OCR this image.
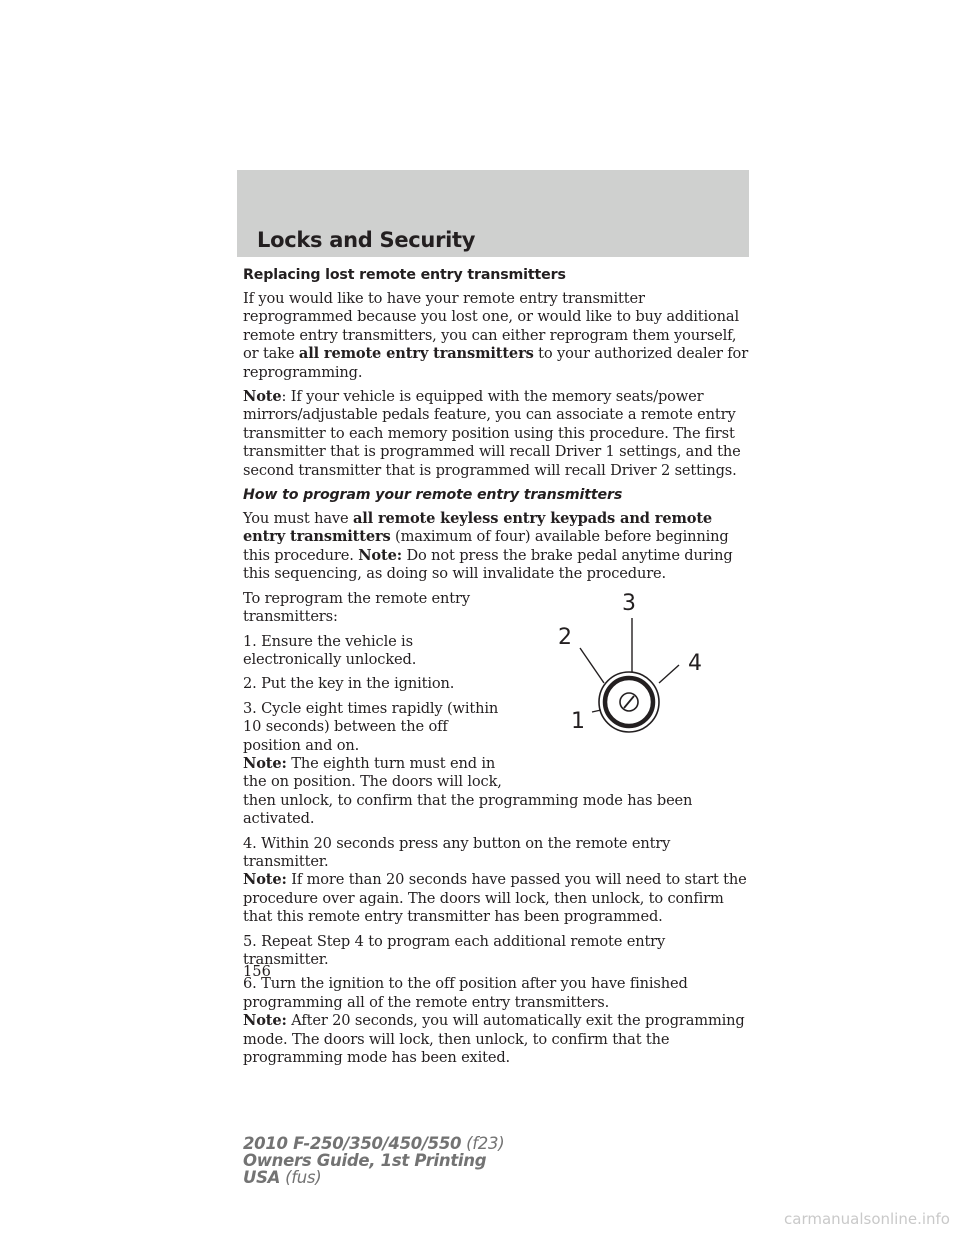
Locks and Security
Replacing lost remote entry transmitters

If you would like to have your remote entry transmitter reprogrammed because you lost one, or would like to buy additional remote entry transmitters, you can either reprogram them yourself, or take all remote entry transmitters to your authorized dealer for reprogramming.

Note: If your vehicle is equipped with the memory seats/power mirrors/adjustable pedals feature, you can associate a remote entry transmitter to each memory position using this procedure. The first transmitter that is programmed will recall Driver 1 settings, and the second transmitter that is programmed will recall Driver 2 settings.

How to program your remote entry transmitters

You must have all remote keyless entry keypads and remote entry transmitters (maximum of four) available before beginning this procedure. Note: Do not press the brake pedal anytime during this sequencing, as doing so will invalidate the procedure.

To reprogram the remote entry transmitters:

1. Ensure the vehicle is electronically unlocked.

2. Put the key in the ignition.

3. Cycle eight times rapidly (within
10 seconds) between the off
position and on.
Note: The eighth turn must end in
the on position. The doors will lock,
then unlock, to confirm that the programming mode has been activated.

4. Within 20 seconds press any button on the remote entry transmitter.
Note: If more than 20 seconds have passed you will need to start the procedure over again. The doors will lock, then unlock, to confirm that this remote entry transmitter has been programmed.

5. Repeat Step 4 to program each additional remote entry transmitter.

6. Turn the ignition to the off position after you have finished programming all of the remote entry transmitters.
Note: After 20 seconds, you will automatically exit the programming mode. The doors will lock, then unlock, to confirm that the programming mode has been exited.

1
2
3
4

156

2010 F-250/350/450/550 (f23)
Owners Guide, 1st Printing
USA (fus)

carmanualsonline.info
